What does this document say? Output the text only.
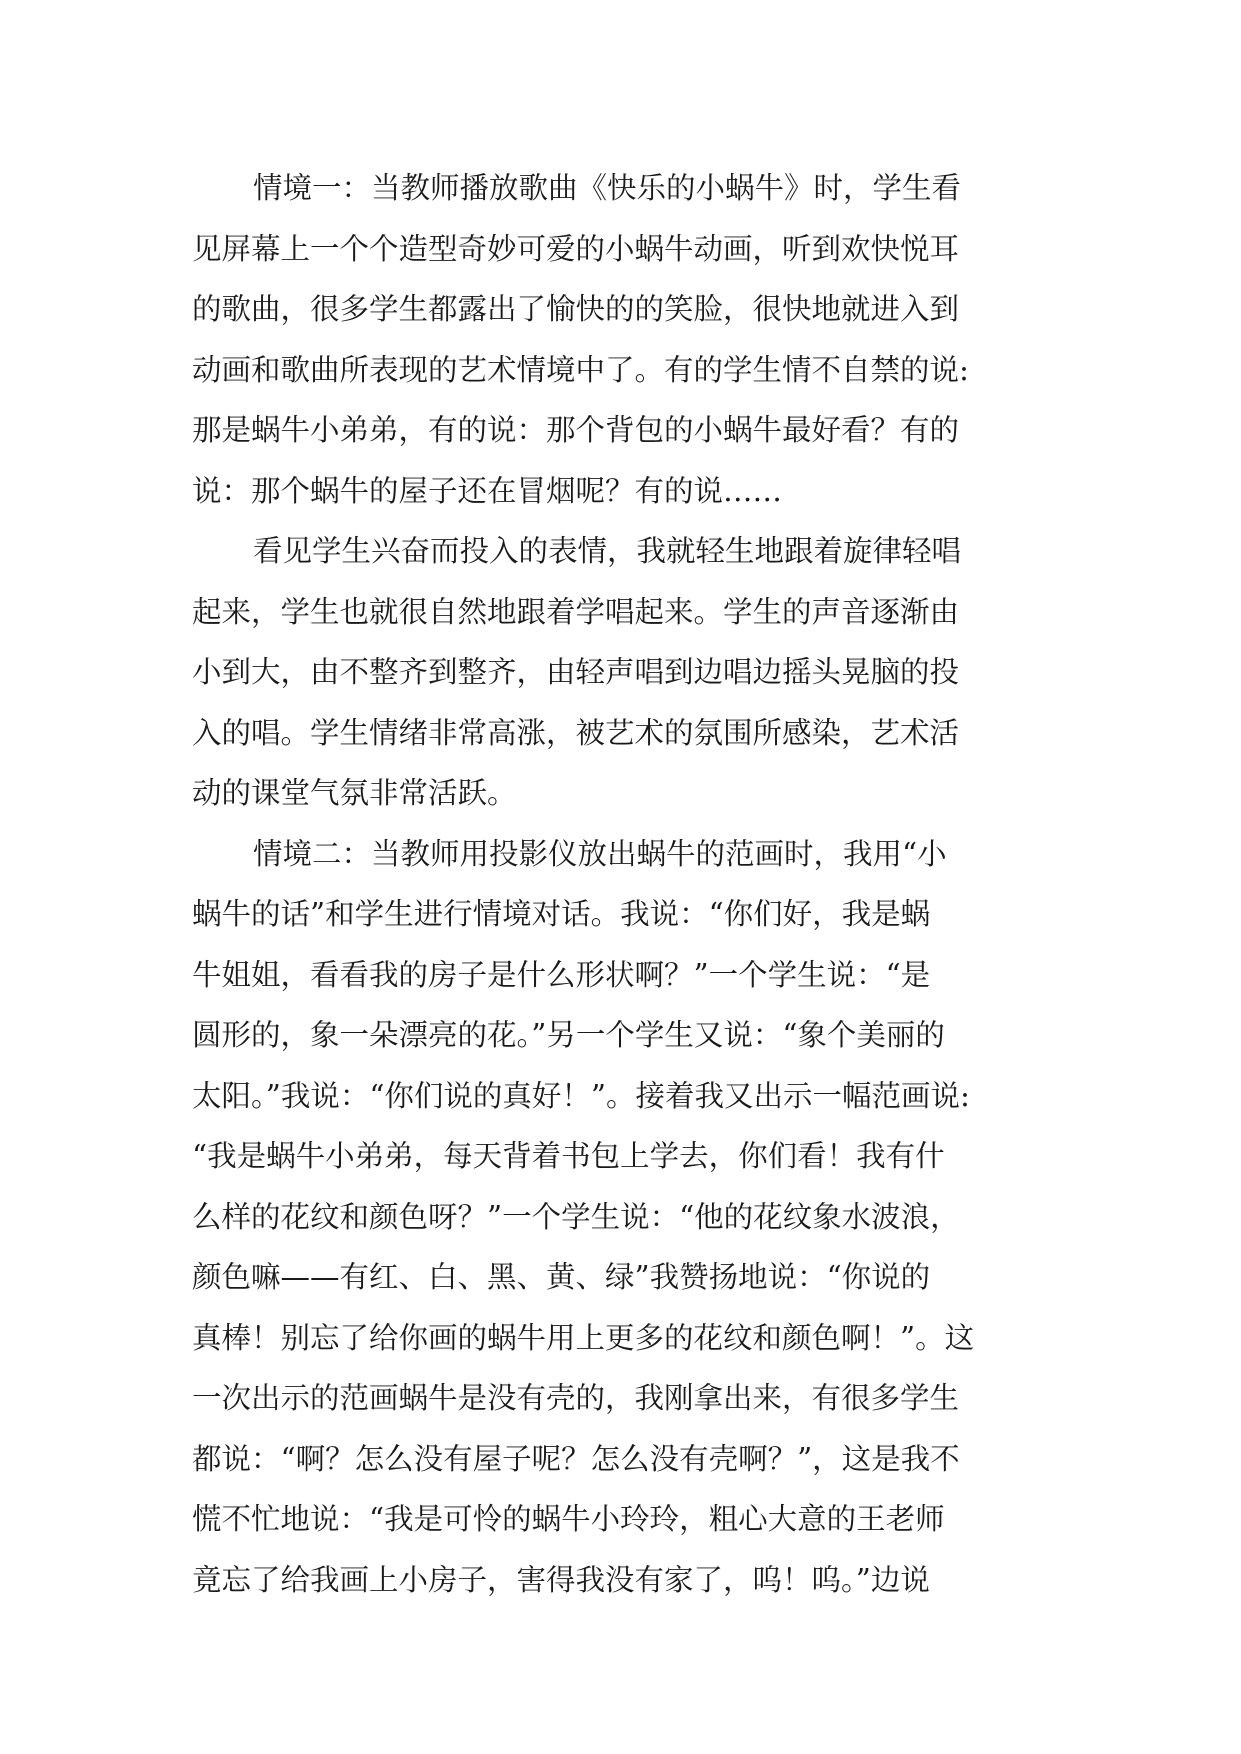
情境一：当教师播放歌曲《快乐的小蜗牛》时，学生看
见屏幕上一个个造型奇妙可爱的小蜗牛动画，听到欢快悦耳
的歌曲，很多学生都露出了愉快的的笑脸，很快地就进入到
动画和歌曲所表现的艺术情境中了。有的学生情不自禁的说:
那是蜗牛小弟弟，有的说：那个背包的小蜗牛最好看？有的
说：那个蜗牛的屋子还在冒烟呢？有的说……
看见学生兴奋而投入的表情，我就轻生地跟着旋律轻唱
起来，学生也就很自然地跟着学唱起来。学生的声音逐渐由
小到大，由不整齐到整齐，由轻声唱到边唱边摇头晃脑的投
入的唱。学生情绪非常高涨，被艺术的氛围所感染，艺术活
动的课堂气氛非常活跃。
情境二：当教师用投影仪放出蜗牛的范画时，我用“小
蜗牛的话”和学生进行情境对话。我说：“你们好，我是蜗
牛姐姐，看看我的房子是什么形状啊？”一个学生说：“是
圆形的，象一朵漂亮的花。”另一个学生又说：“象个美丽的
太阳。”我说：“你们说的真好！”。接着我又出示一幅范画说:
“我是蜗牛小弟弟，每天背着书包上学去，你们看！我有什
么样的花纹和颜色呀？”一个学生说：“他的花纹象水波浪，
颜色嘛——有红、白、黑、黄、绿”我赞扬地说：“你说的
真棒！别忘了给你画的蜗牛用上更多的花纹和颜色啊！”。这
一次出示的范画蜗牛是没有壳的，我刚拿出来，有很多学生
都说：“啊？怎么没有屋子呢？怎么没有壳啊？”，这是我不
慌不忙地说：“我是可怜的蜗牛小玲玲，粗心大意的王老师
竟忘了给我画上小房子，害得我没有家了，呜！呜。”边说
